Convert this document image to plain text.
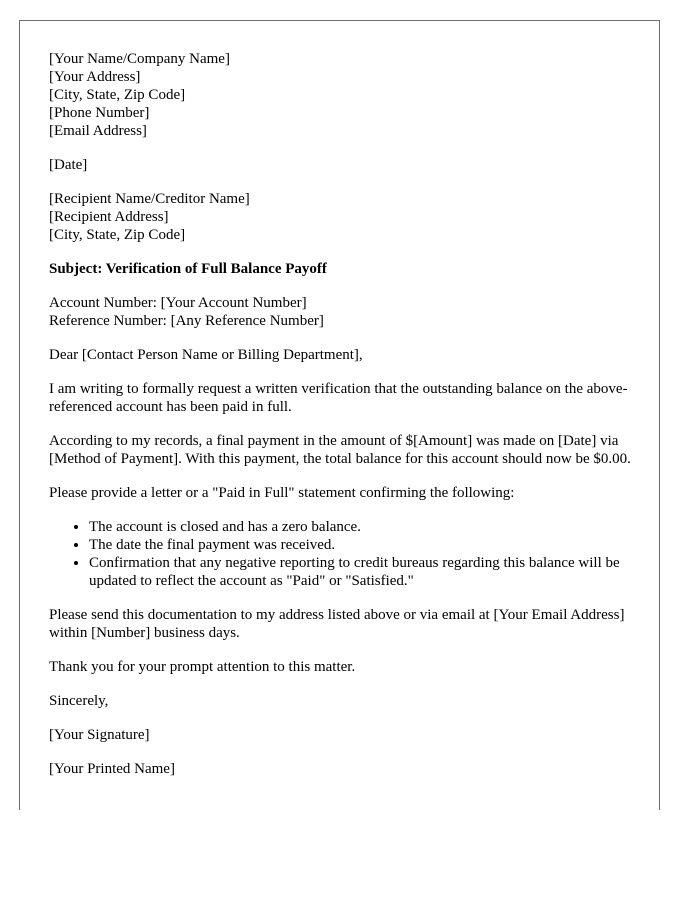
[Your Name/Company Name]
[Your Address]
[City, State, Zip Code]
[Phone Number]
[Email Address]

[Date]

[Recipient Name/Creditor Name]
[Recipient Address]
[City, State, Zip Code]

Subject: Verification of Full Balance Payoff

Account Number: [Your Account Number]
Reference Number: [Any Reference Number]

Dear [Contact Person Name or Billing Department],

I am writing to formally request a written verification that the outstanding balance on the above-referenced account has been paid in full.

According to my records, a final payment in the amount of $[Amount] was made on [Date] via [Method of Payment]. With this payment, the total balance for this account should now be $0.00.

Please provide a letter or a "Paid in Full" statement confirming the following:

• The account is closed and has a zero balance.
• The date the final payment was received.
• Confirmation that any negative reporting to credit bureaus regarding this balance will be updated to reflect the account as "Paid" or "Satisfied."

Please send this documentation to my address listed above or via email at [Your Email Address] within [Number] business days.

Thank you for your prompt attention to this matter.

Sincerely,

[Your Signature]

[Your Printed Name]
